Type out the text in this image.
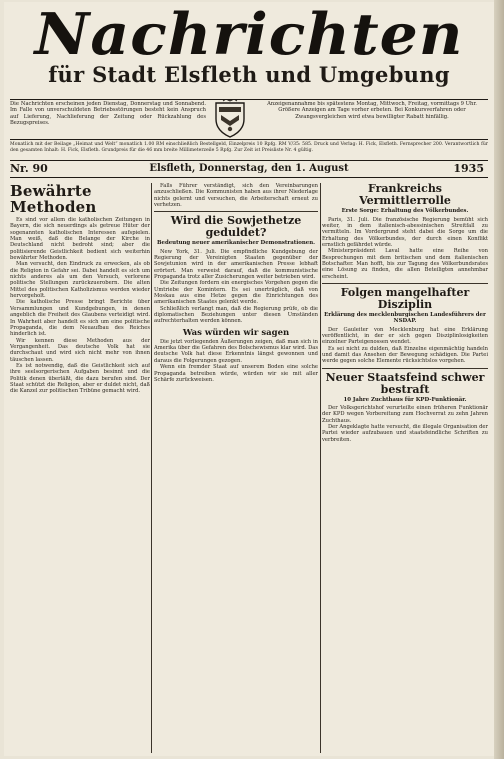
Nachrichten
für Stadt Elsfleth und Umgebung
Die Nachrichten erscheinen jeden Dienstag, Donnerstag und Sonnabend. Im Falle von unverschuldeten Betriebsstörungen besteht kein Anspruch auf Lieferung, Nachlieferung der Zeitung oder Rückzahlung des Bezugspreises.
Anzeigenannahme bis spätestens Montag, Mittwoch, Freitag, vormittags 9 Uhr. Größere Anzeigen am Tage vorher erbeten. Bei Konkursverfahren oder Zwangsvergleichen wird etwa bewilligter Rabatt hinfällig.
Monatlich mit der Beilage „Heimat und Welt“ monatlich 1.00 RM einschließlich Bestellgeld, Einzelpreis 10 Rpfg. RM V/35: 585. Druck und Verlag: H. Fick, Elsfleth. Fernsprecher 200. Verantwortlich für den gesamten Inhalt: H. Fick, Elsfleth. Grundpreis für die 46 mm breite Millimeterzeile 5 Rpfg. Zur Zeit ist Preisliste Nr. 4 gültig.
Nr. 90	Elsfleth, Donnerstag, den 1. August	1935
Bewährte Methoden

Es sind vor allem die katholischen Zeitungen in Bayern, die sich neuerdings als getreue Hüter der sogenannten katholischen Interessen aufspielen. Man weiß, daß die Belange der Kirche in Deutschland nicht bedroht sind; aber die politisierende Geistlichkeit bedient sich weiterhin bewährter Methoden.

Man versucht, den Eindruck zu erwecken, als ob die Religion in Gefahr sei. Dabei handelt es sich um nichts anderes als um den Versuch, verlorene politische Stellungen zurückzuerobern. Die alten Mittel des politischen Katholizismus werden wieder hervorgeholt.

Die katholische Presse bringt Berichte über Versammlungen und Kundgebungen, in denen angeblich die Freiheit des Glaubens verteidigt wird. In Wahrheit aber handelt es sich um eine politische Propaganda, die dem Neuaufbau des Reiches hinderlich ist.

Wir kennen diese Methoden aus der Vergangenheit. Das deutsche Volk hat sie durchschaut und wird sich nicht mehr von ihnen täuschen lassen.

Es ist notwendig, daß die Geistlichkeit sich auf ihre seelsorgerischen Aufgaben besinnt und die Politik denen überläßt, die dazu berufen sind. Der Staat schützt die Religion, aber er duldet nicht, daß die Kanzel zur politischen Tribüne gemacht wird.

Falls Führer verständigt, sich den Vereinbarungen anzuschließen. Die Kommunisten haben aus ihrer Niederlage nichts gelernt und versuchen, die Arbeiterschaft erneut zu verhetzen.

Wird die Sowjethetze geduldet?
Bedeutung neuer amerikanischer Demonstrationen.

New York, 31. Juli. Die empfindliche Kundgebung der Regierung der Vereinigten Staaten gegenüber der Sowjetunion wird in der amerikanischen Presse lebhaft erörtert. Man verweist darauf, daß die kommunistische Propaganda trotz aller Zusicherungen weiter betrieben wird.

Die Zeitungen fordern ein energisches Vorgehen gegen die Umtriebe der Komintern. Es sei unerträglich, daß von Moskau aus eine Hetze gegen die Einrichtungen des amerikanischen Staates gelenkt werde.

Schließlich verlangt man, daß die Regierung prüfe, ob die diplomatischen Beziehungen unter diesen Umständen aufrechterhalten werden können.

Was würden wir sagen

Die jetzt vorliegenden Äußerungen zeigen, daß man sich in Amerika über die Gefahren des Bolschewismus klar wird. Das deutsche Volk hat diese Erkenntnis längst gewonnen und daraus die Folgerungen gezogen.

Wenn ein fremder Staat auf unserem Boden eine solche Propaganda betreiben würde, würden wir sie mit aller Schärfe zurückweisen.

Frankreichs Vermittlerrolle
Erste Sorge: Erhaltung des Völkerbundes.

Paris, 31. Juli. Die französische Regierung bemüht sich weiter, in dem italienisch-abessinischen Streitfall zu vermitteln. Im Vordergrund steht dabei die Sorge um die Erhaltung des Völkerbundes, der durch einen Konflikt ernstlich gefährdet würde.

Ministerpräsident Laval hatte eine Reihe von Besprechungen mit dem britischen und dem italienischen Botschafter. Man hofft, bis zur Tagung des Völkerbundsrates eine Lösung zu finden, die allen Beteiligten annehmbar erscheint.

Folgen mangelhafter Disziplin
Erklärung des mecklenburgischen Landesführers der NSDAP.

Der Gauleiter von Mecklenburg hat eine Erklärung veröffentlicht, in der er sich gegen Disziplinlosigkeiten einzelner Parteigenossen wendet.

Es sei nicht zu dulden, daß Einzelne eigenmächtig handeln und damit das Ansehen der Bewegung schädigen. Die Partei werde gegen solche Elemente rücksichtslos vorgehen.

Neuer Staatsfeind schwer bestraft
10 Jahre Zuchthaus für KPD-Funktionär.

Der Volksgerichtshof verurteilte einen früheren Funktionär der KPD wegen Vorbereitung zum Hochverrat zu zehn Jahren Zuchthaus.

Der Angeklagte hatte versucht, die illegale Organisation der Partei wieder aufzubauen und staatsfeindliche Schriften zu verbreiten.
